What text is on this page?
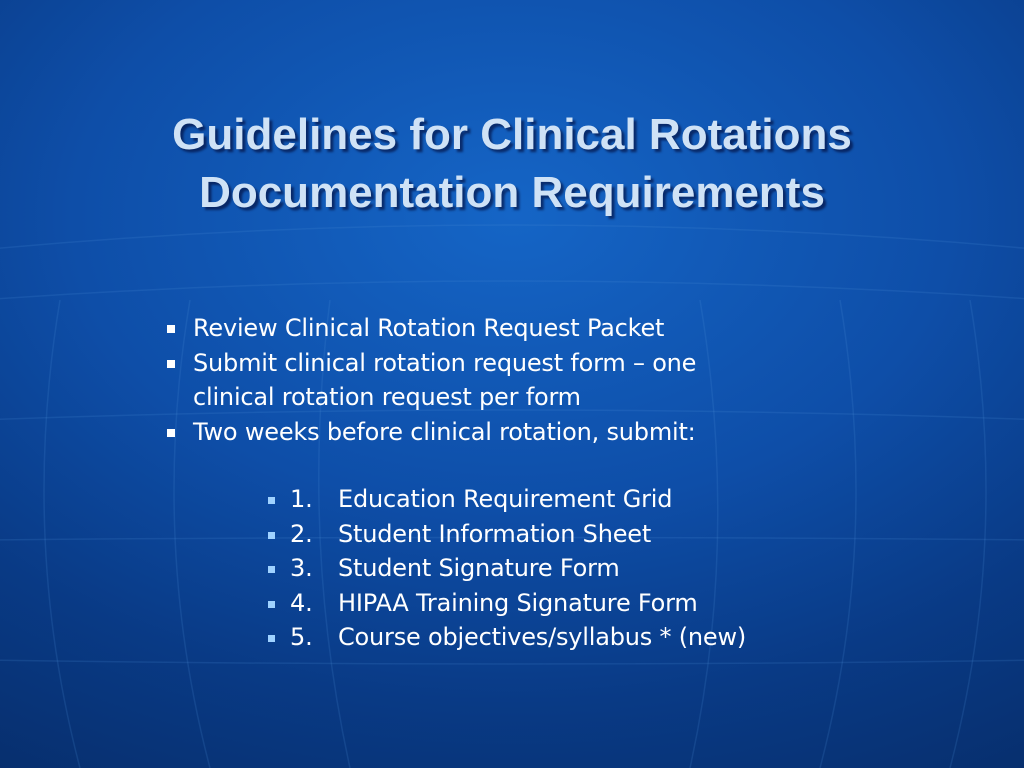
Guidelines for Clinical Rotations
Documentation Requirements
Review Clinical Rotation Request Packet
Submit clinical rotation request form – one
clinical rotation request per form
Two weeks before clinical rotation, submit:
1. Education Requirement Grid
2. Student Information Sheet
3. Student Signature Form
4. HIPAA Training Signature Form
5. Course objectives/syllabus * (new)
